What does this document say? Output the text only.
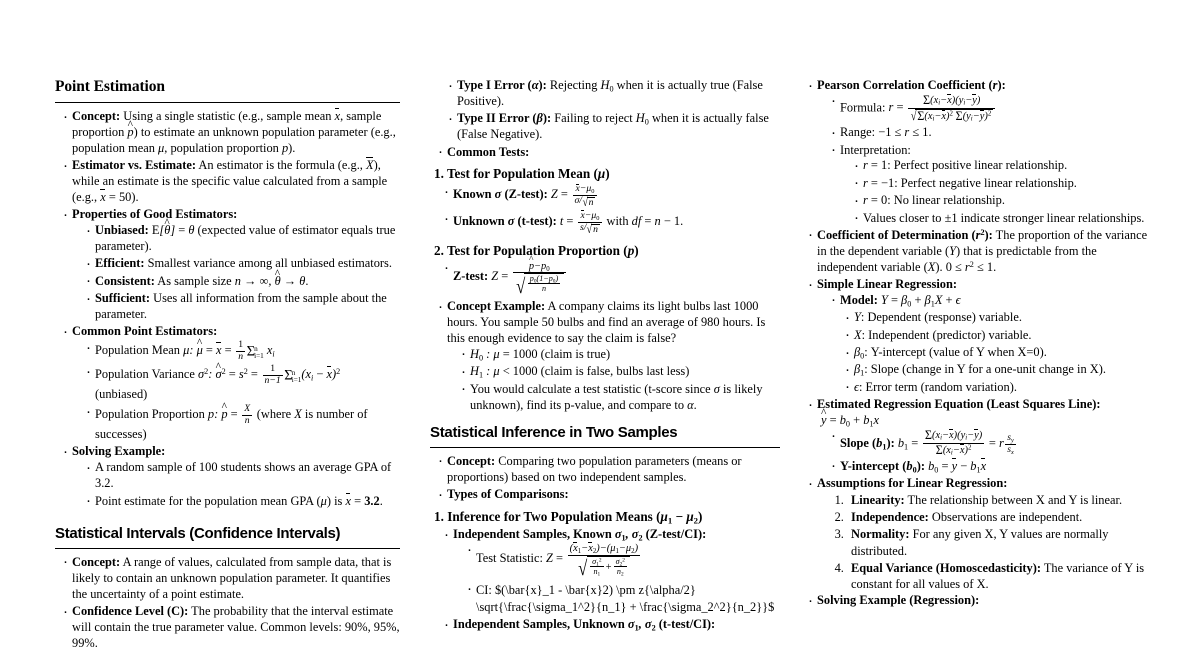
Point Estimation
· Concept: Using a single statistic (e.g., sample mean x, sample proportion p ^) to estimate an unknown population parameter (e.g., population mean μ, population proportion p).
· Estimator vs. Estimate: An estimator is the formula (e.g., X), while an estimate is the specific value calculated from a sample (e.g., x = 50).
· Properties of Good Estimators:
· Unbiased: E[θ ^] = θ (expected value of estimator equals true parameter).
· Efficient: Smallest variance among all unbiased estimators.
· Consistent: As sample size n → ∞, θ ^ → θ.
· Sufficient: Uses all information from the sample about the parameter.
· Common Point Estimators:
· Population Mean μ: μ ^ = $x = \frac{1}{n}$ Σn
i=1 $x_i$
· Population Variance $\sigma^2$: σ ^$^2$ = $s^2 = \frac{1}{n-1}$ Σn
$i=1(x_i - x)^2$
(unbiased)
· Population Proportion p: p ^ = $\frac{X}{n}$ (where X is number of successes)
· Solving Example:
· A random sample of 100 students shows an average GPA of 3.2.
· Point estimate for the population mean GPA (μ) is x = 3.2.
Statistical Intervals (Confidence Intervals)
· Concept: A range of values, calculated from sample data, that is likely to contain an unknown population parameter. It quantifies the uncertainty of a point estimate.
· Confidence Level (C): The probability that the interval estimate will contain the true parameter value. Common levels: 90%, 95%, 99%.
· Type I Error (α): Rejecting $H_0$ when it is actually true (False Positive).
· Type II Error (β): Failing to reject $H_0$ when it is actually false (False Negative).
· Common Tests:
1. Test for Population Mean (μ)
· Known σ (Z-test): $Z = \frac{x-\mu_0}{\sigma/√n}$
· Unknown σ (t-test): $t = \frac{x-\mu_0}{s/√n}$ with df = n − 1.
2. Test for Population Proportion (p)
· Z-test: $Z = \frac{p \^{}-p_0}{√ \frac{p_0(1-p_0)}{n}}$
· Concept Example: A company claims its light bulbs last 1000 hours. You sample 50 bulbs and find an average of 980 hours. Is this enough evidence to say the claim is false?
· $H_0$ : μ = 1000 (claim is true)
· $H_1$ : μ < 1000 (claim is false, bulbs last less)
· You would calculate a test statistic (t-score since σ is likely unknown), find its p-value, and compare to α.
Statistical Inference in Two Samples
· Concept: Comparing two population parameters (means or proportions) based on two independent samples.
· Types of Comparisons:
1. Inference for Two Population Means $(\mu_1 - \mu_2)$
· Independent Samples, Known $\sigma_1$, $\sigma_2$ (Z-test/CI):
· Test Statistic: $Z = \frac{(x_1-x_2)-(\mu_1-\mu_2)}{√ \frac{\sigma_1^2}{n_1} + \frac{\sigma_2^2}{n_2}}$
· CI: $(\bar{x}_1 - \bar{x}2) \pm z{\alpha/2} \sqrt{\frac{\sigma_1^2}{n_1} + \frac{\sigma_2^2}{n_2}}$
· Independent Samples, Unknown $\sigma_1$, $\sigma_2$ (t-test/CI):
· Pearson Correlation Coefficient (r):
· Formula: $r = \frac{\Sigma(x_i-x)(y_i-y)}{√\Sigma(x_i-x)^2 \Sigma(y_i-y)^2}$
· Range: −1 ≤ r ≤ 1.
· Interpretation:
· r = 1: Perfect positive linear relationship.
· r = −1: Perfect negative linear relationship.
· r = 0: No linear relationship.
· Values closer to ±1 indicate stronger linear relationships.
· Coefficient of Determination $(r^2)$: The proportion of the variance in the dependent variable (Y) that is predictable from the independent variable (X). $0 \le r^2 \le 1$.
· Simple Linear Regression:
· Model: $Y = \beta_0 + \beta_1X + \epsilon$
· Y: Dependent (response) variable.
· X: Independent (predictor) variable.
· $\beta_0$: Y-intercept (value of Y when X=0).
· $\beta_1$: Slope (change in Y for a one-unit change in X).
· ϵ: Error term (random variation).
· Estimated Regression Equation (Least Squares Line):
y ^ = $b_0 + b_1x$
· Slope $(b_1)$: $b_1 = \frac{\Sigma(x_i-x)(y_i-y)}{\Sigma(x_i-x)^2} = r \frac{s_y}{s_x}$
· Y-intercept $(b_0)$: $b_0 = y - b_1x$
· Assumptions for Linear Regression:
1. Linearity: The relationship between X and Y is linear.
2. Independence: Observations are independent.
3. Normality: For any given X, Y values are normally distributed.
4. Equal Variance (Homoscedasticity): The variance of Y is constant for all values of X.
· Solving Example (Regression):
